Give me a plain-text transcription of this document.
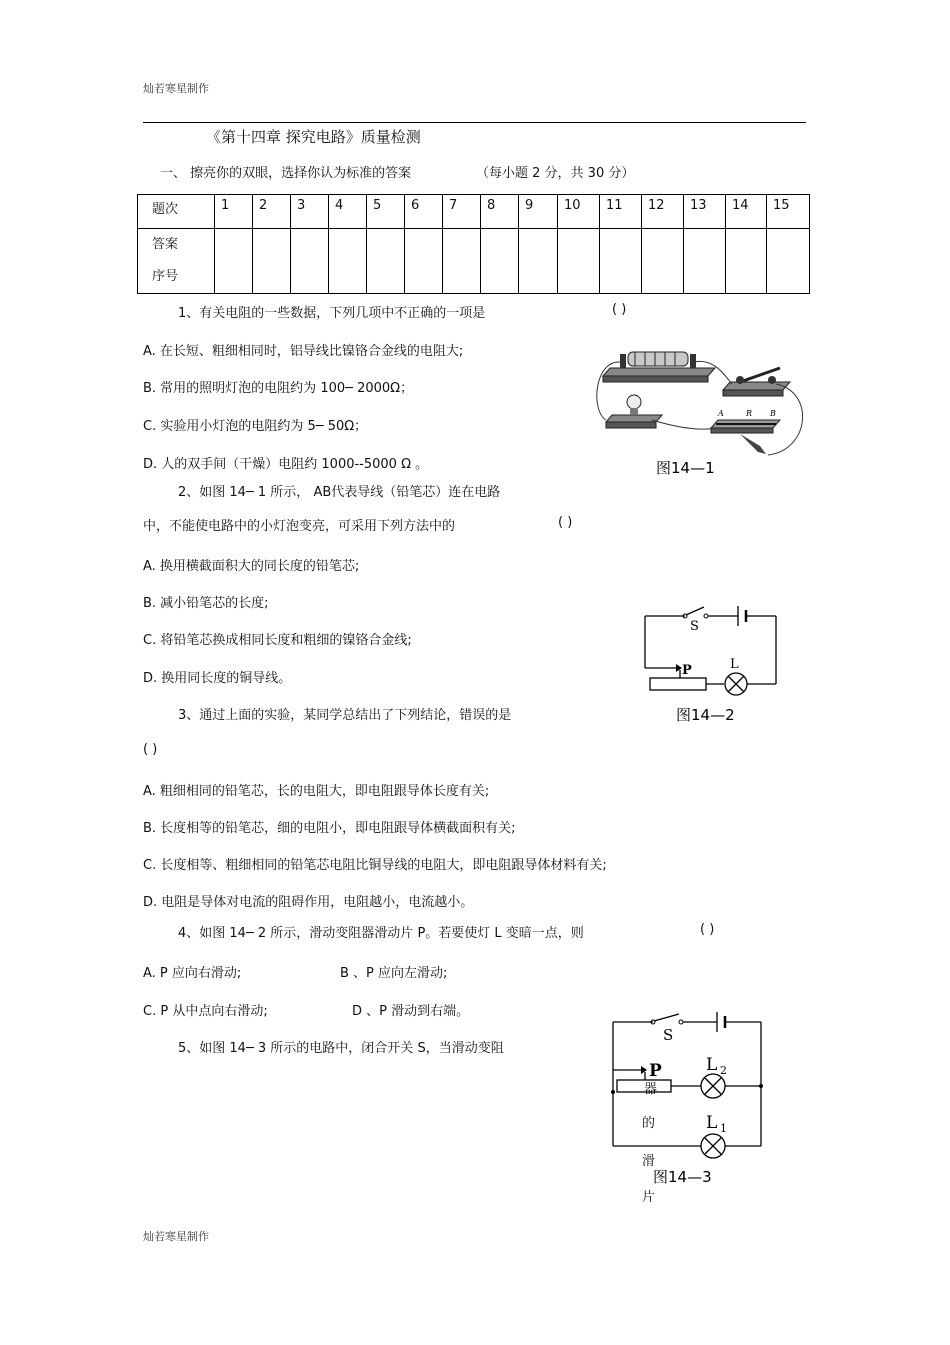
灿若寒星制作
《第十四章 探究电路》质量检测
一、 擦亮你的双眼，选择你认为标准的答案	（每小题 2 分，共 30 分）
题次	1	2	3	4	5	6	7	8	9	10	11	12	13	14	15

答案
序号															

1、有关电阻的一些数据，下列几项中不正确的一项是	( )
A. 在长短、粗细相同时，铝导线比镍铬合金线的电阻大;
B. 常用的照明灯泡的电阻约为 100─ 2000Ω；
C. 实验用小灯泡的电阻约为 5─ 50Ω；
D. 人的双手间（干燥）电阻约 1000--5000 Ω 。
2、如图 14─ 1 所示， AB代表导线（铅笔芯）连在电路
中，不能使电路中的小灯泡变亮，可采用下列方法中的	( )
A. 换用横截面积大的同长度的铅笔芯;
B. 减小铅笔芯的长度;
C. 将铅笔芯换成相同长度和粗细的镍铬合金线;
D. 换用同长度的铜导线。
3、通过上面的实验，某同学总结出了下列结论，错误的是
( )
A. 粗细相同的铅笔芯，长的电阻大，即电阻跟导体长度有关;
B. 长度相等的铅笔芯，细的电阻小，即电阻跟导体横截面积有关;
C. 长度相等、粗细相同的铅笔芯电阻比铜导线的电阻大，即电阻跟导体材料有关;
D. 电阻是导体对电流的阻碍作用，电阻越小，电流越小。
4、如图 14─ 2 所示，滑动变阻器滑动片 P。若要使灯 L 变暗一点，则	( )
A. P 应向右滑动;	B 、P 应向左滑动;
C. P 从中点向右滑动;	D 、P 滑动到右端。
5、如图 14─ 3 所示的电路中，闭合开关 S，当滑动变阻
器
的
滑
片
A	R B
图14—1
S
P	L
图14—2
S
P	L 2
L 1
图14—3
灿若寒星制作
